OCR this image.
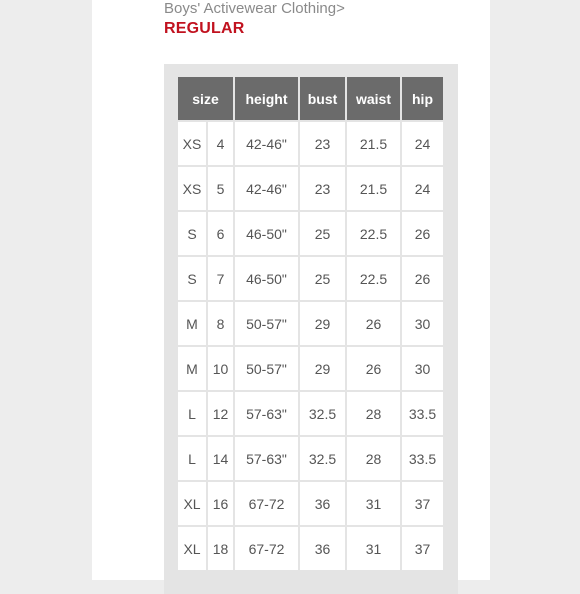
Boys' Activewear Clothing>
REGULAR
size		height	bust	waist	hip
XS	4	42-46"	23	21.5	24
XS	5	42-46"	23	21.5	24
S	6	46-50"	25	22.5	26
S	7	46-50"	25	22.5	26
M	8	50-57"	29	26	30
M	10	50-57"	29	26	30
L	12	57-63"	32.5	28	33.5
L	14	57-63"	32.5	28	33.5
XL	16	67-72	36	31	37
XL	18	67-72	36	31	37
